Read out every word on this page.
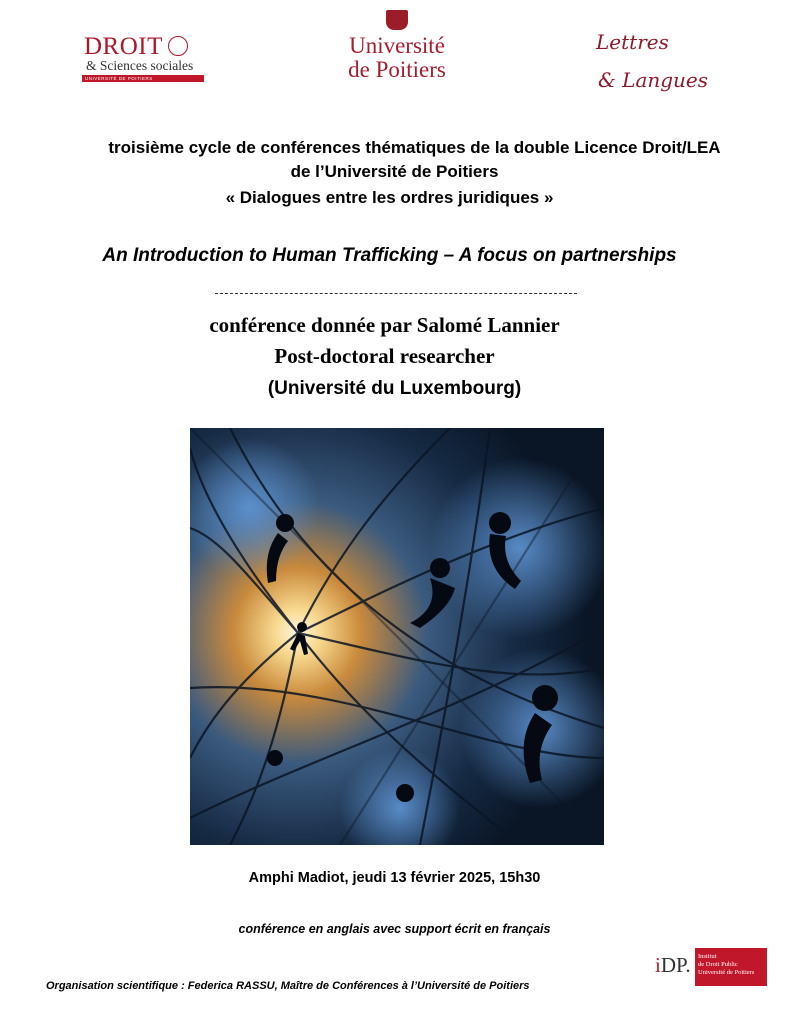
DROIT
& Sciences sociales
UNIVERSITÉ DE POITIERS
Université
de Poitiers
Lettres
& Langues
troisième cycle de conférences thématiques de la double Licence Droit/LEA
de l’Université de Poitiers
« Dialogues entre les ordres juridiques »
An Introduction to Human Trafficking – A focus on partnerships
conférence donnée par Salomé Lannier
Post-doctoral researcher
(Université du Luxembourg)
Amphi Madiot, jeudi 13 février 2025, 15h30
conférence en anglais avec support écrit en français
Organisation scientifique : Federica RASSU, Maître de Conférences à l’Université de Poitiers
iDP. Institut
de Droit Public
Université de Poitiers
